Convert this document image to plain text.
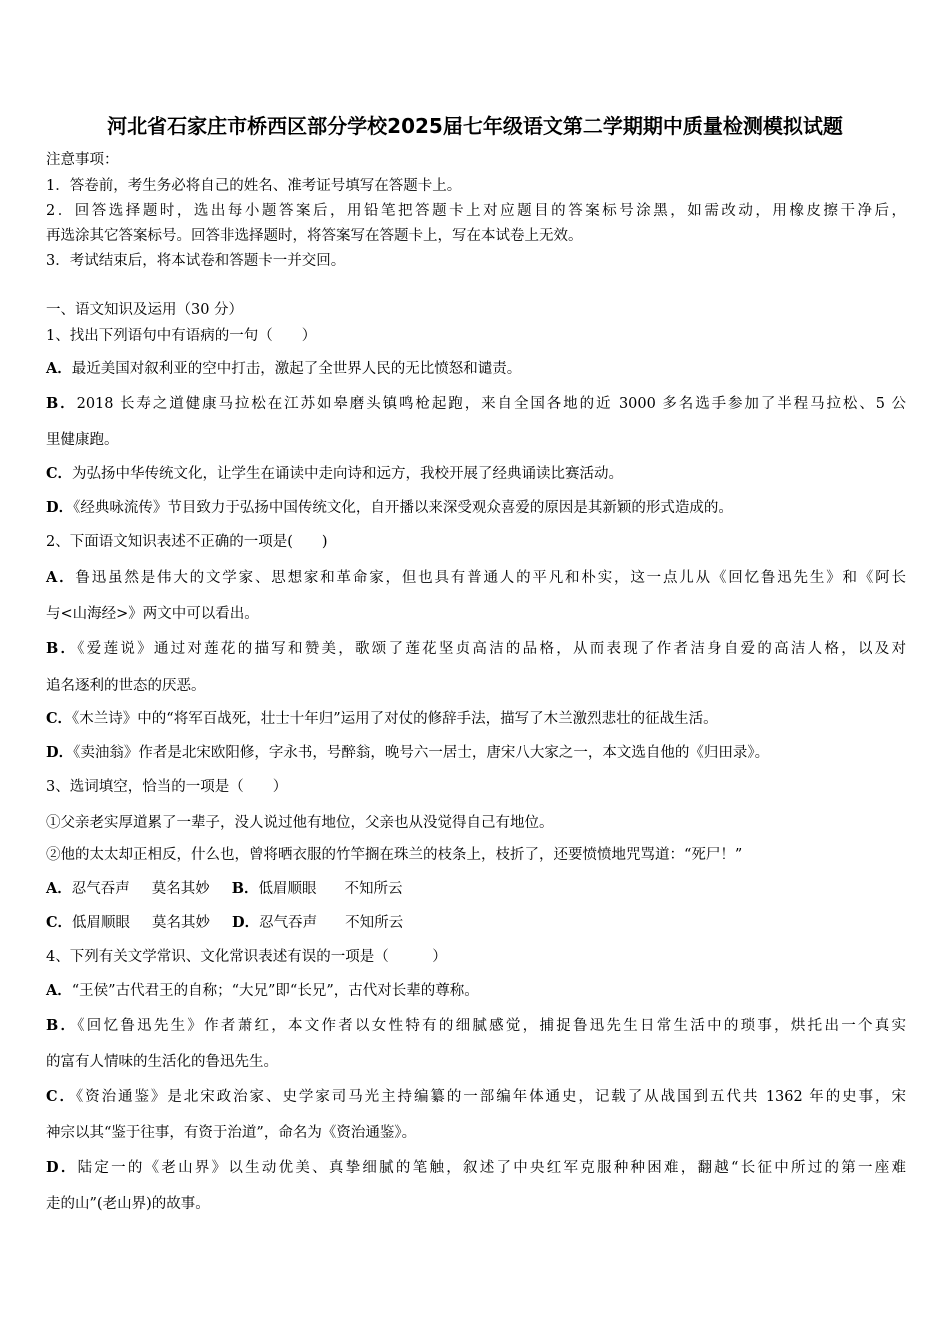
河北省石家庄市桥西区部分学校2025届七年级语文第二学期期中质量检测模拟试题
注意事项：
1．答卷前，考生务必将自己的姓名、准考证号填写在答题卡上。
2．回答选择题时，选出每小题答案后，用铅笔把答题卡上对应题目的答案标号涂黑，如需改动，用橡皮擦干净后，
再选涂其它答案标号。回答非选择题时，将答案写在答题卡上，写在本试卷上无效。
3．考试结束后，将本试卷和答题卡一并交回。
一、语文知识及运用（30 分）
1、找出下列语句中有语病的一句（　　）
A．最近美国对叙利亚的空中打击，激起了全世界人民的无比愤怒和谴责。
B．2018 长寿之道健康马拉松在江苏如皋磨头镇鸣枪起跑，来自全国各地的近 3000 多名选手参加了半程马拉松、5 公
里健康跑。
C．为弘扬中华传统文化，让学生在诵读中走向诗和远方，我校开展了经典诵读比赛活动。
D．《经典咏流传》节目致力于弘扬中国传统文化，自开播以来深受观众喜爱的原因是其新颖的形式造成的。
2、下面语文知识表述不正确的一项是(　　)
A．鲁迅虽然是伟大的文学家、思想家和革命家，但也具有普通人的平凡和朴实，这一点儿从《回忆鲁迅先生》和《阿长
与<山海经>》两文中可以看出。
B．《爱莲说》通过对莲花的描写和赞美，歌颂了莲花坚贞高洁的品格，从而表现了作者洁身自爱的高洁人格，以及对
追名逐利的世态的厌恶。
C．《木兰诗》中的“将军百战死，壮士十年归”运用了对仗的修辞手法，描写了木兰激烈悲壮的征战生活。
D．《卖油翁》作者是北宋欧阳修，字永书，号醉翁，晚号六一居士，唐宋八大家之一，本文选自他的《归田录》。
3、选词填空，恰当的一项是（　　）
①父亲老实厚道累了一辈子，没人说过他有地位，父亲也从没觉得自己有地位。
②他的太太却正相反，什么也，曾将晒衣服的竹竿搁在珠兰的枝条上，枝折了，还要愤愤地咒骂道：“死尸！”
A．忍气吞声 莫名其妙 B．低眉顺眼 不知所云
C．低眉顺眼 莫名其妙 D．忍气吞声 不知所云
4、下列有关文学常识、文化常识表述有误的一项是（　　　）
A．“王侯”古代君王的自称；“大兄”即“长兄”，古代对长辈的尊称。
B．《回忆鲁迅先生》作者萧红，本文作者以女性特有的细腻感觉，捕捉鲁迅先生日常生活中的琐事，烘托出一个真实
的富有人情味的生活化的鲁迅先生。
C．《资治通鉴》是北宋政治家、史学家司马光主持编纂的一部编年体通史，记载了从战国到五代共 1362 年的史事，宋
神宗以其“鉴于往事，有资于治道”，命名为《资治通鉴》。
D．陆定一的《老山界》以生动优美、真挚细腻的笔触，叙述了中央红军克服种种困难，翻越“长征中所过的第一座难
走的山”(老山界)的故事。
